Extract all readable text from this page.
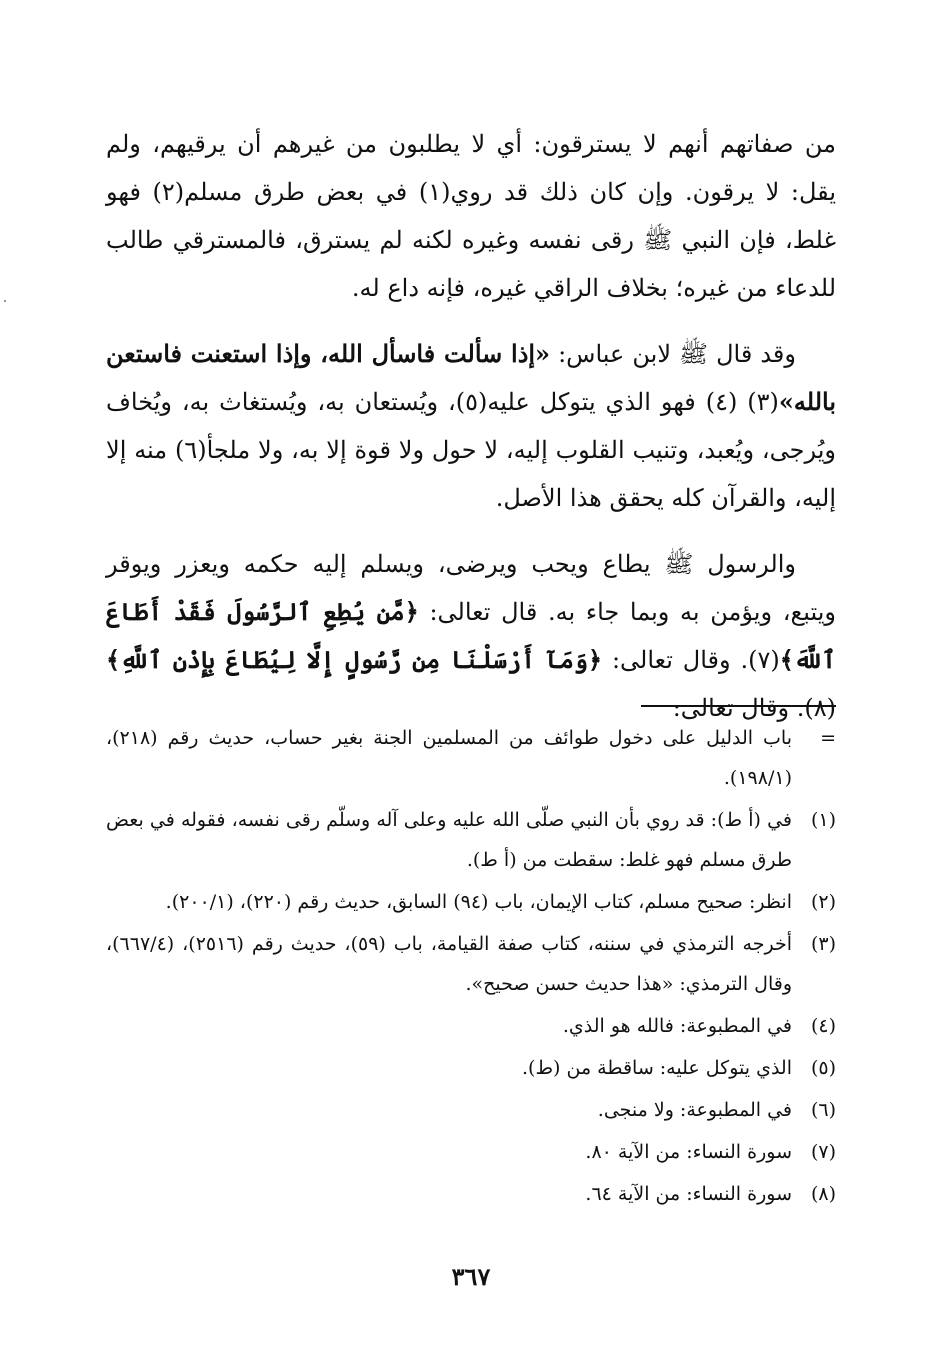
من صفاتهم أنهم لا يسترقون: أي لا يطلبون من غيرهم أن يرقيهم، ولم يقل: لا يرقون. وإن كان ذلك قد روي(١) في بعض طرق مسلم(٢) فهو غلط، فإن النبي ﷺ رقى نفسه وغيره لكنه لم يسترق، فالمسترقي طالب للدعاء من غيره؛ بخلاف الراقي غيره، فإنه داع له.

وقد قال ﷺ لابن عباس: «إذا سألت فاسأل الله، وإذا استعنت فاستعن بالله»(٣) (٤) فهو الذي يتوكل عليه(٥)، ويُستعان به، ويُستغاث به، ويُخاف ويُرجى، ويُعبد، وتنيب القلوب إليه، لا حول ولا قوة إلا به، ولا ملجأ(٦) منه إلا إليه، والقرآن كله يحقق هذا الأصل.

والرسول ﷺ يطاع ويحب ويرضى، ويسلم إليه حكمه ويعزر ويوقر ويتبع، ويؤمن به وبما جاء به. قال تعالى: ﴿مَّن يُطِعِ ٱلرَّسُولَ فَقَدْ أَطَاعَ ٱللَّهَ﴾(٧). وقال تعالى: ﴿وَمَآ أَرْسَلْنَا مِن رَّسُولٍ إِلَّا لِيُطَاعَ بِإِذْنِ ٱللَّهِ﴾(٨). وقال تعالى:

=
باب الدليل على دخول طوائف من المسلمين الجنة بغير حساب، حديث رقم (٢١٨)، (١٩٨/١).
(١)
في (أ ط): قد روي بأن النبي صلّى الله عليه وعلى آله وسلّم رقى نفسه، فقوله في بعض طرق مسلم فهو غلط: سقطت من (أ ط).
(٢)
انظر: صحيح مسلم، كتاب الإيمان، باب (٩٤) السابق، حديث رقم (٢٢٠)، (٢٠٠/١).
(٣)
أخرجه الترمذي في سننه، كتاب صفة القيامة، باب (٥٩)، حديث رقم (٢٥١٦)، (٦٦٧/٤)، وقال الترمذي: «هذا حديث حسن صحيح».
(٤)
في المطبوعة: فالله هو الذي.
(٥)
الذي يتوكل عليه: ساقطة من (ط).
(٦)
في المطبوعة: ولا منجى.
(٧)
سورة النساء: من الآية ٨٠.
(٨)
سورة النساء: من الآية ٦٤.
٣٦٧
